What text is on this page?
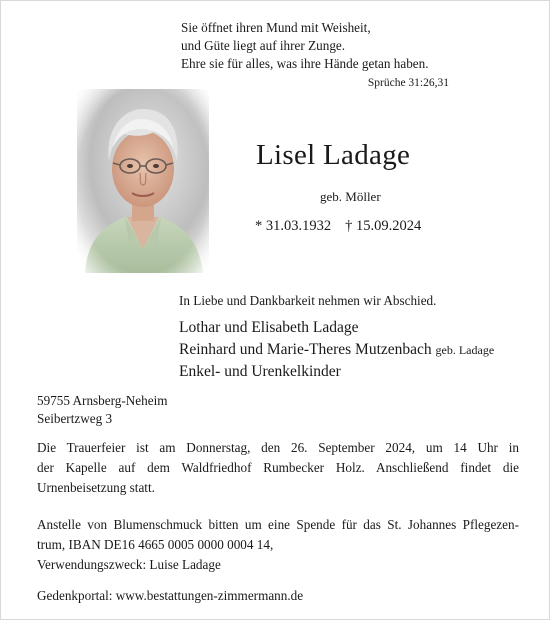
Sie öffnet ihren Mund mit Weisheit,
und Güte liegt auf ihrer Zunge.
Ehre sie für alles, was ihre Hände getan haben.
Sprüche 31:26,31
Lisel Ladage
geb. Möller
* 31.03.1932 † 15.09.2024
In Liebe und Dankbarkeit nehmen wir Abschied.
Lothar und Elisabeth Ladage
Reinhard und Marie-Theres Mutzenbach geb. Ladage
Enkel- und Urenkelkinder
59755 Arnsberg-Neheim
Seibertzweg 3
Die Trauerfeier ist am Donnerstag, den 26. September 2024, um 14 Uhr in
der Kapelle auf dem Waldfriedhof Rumbecker Holz. Anschließend findet die
Urnenbeisetzung statt.
Anstelle von Blumenschmuck bitten um eine Spende für das St. Johannes Pflegezen-
trum, IBAN DE16 4665 0005 0000 0004 14,
Verwendungszweck: Luise Ladage
Gedenkportal: www.bestattungen-zimmermann.de
